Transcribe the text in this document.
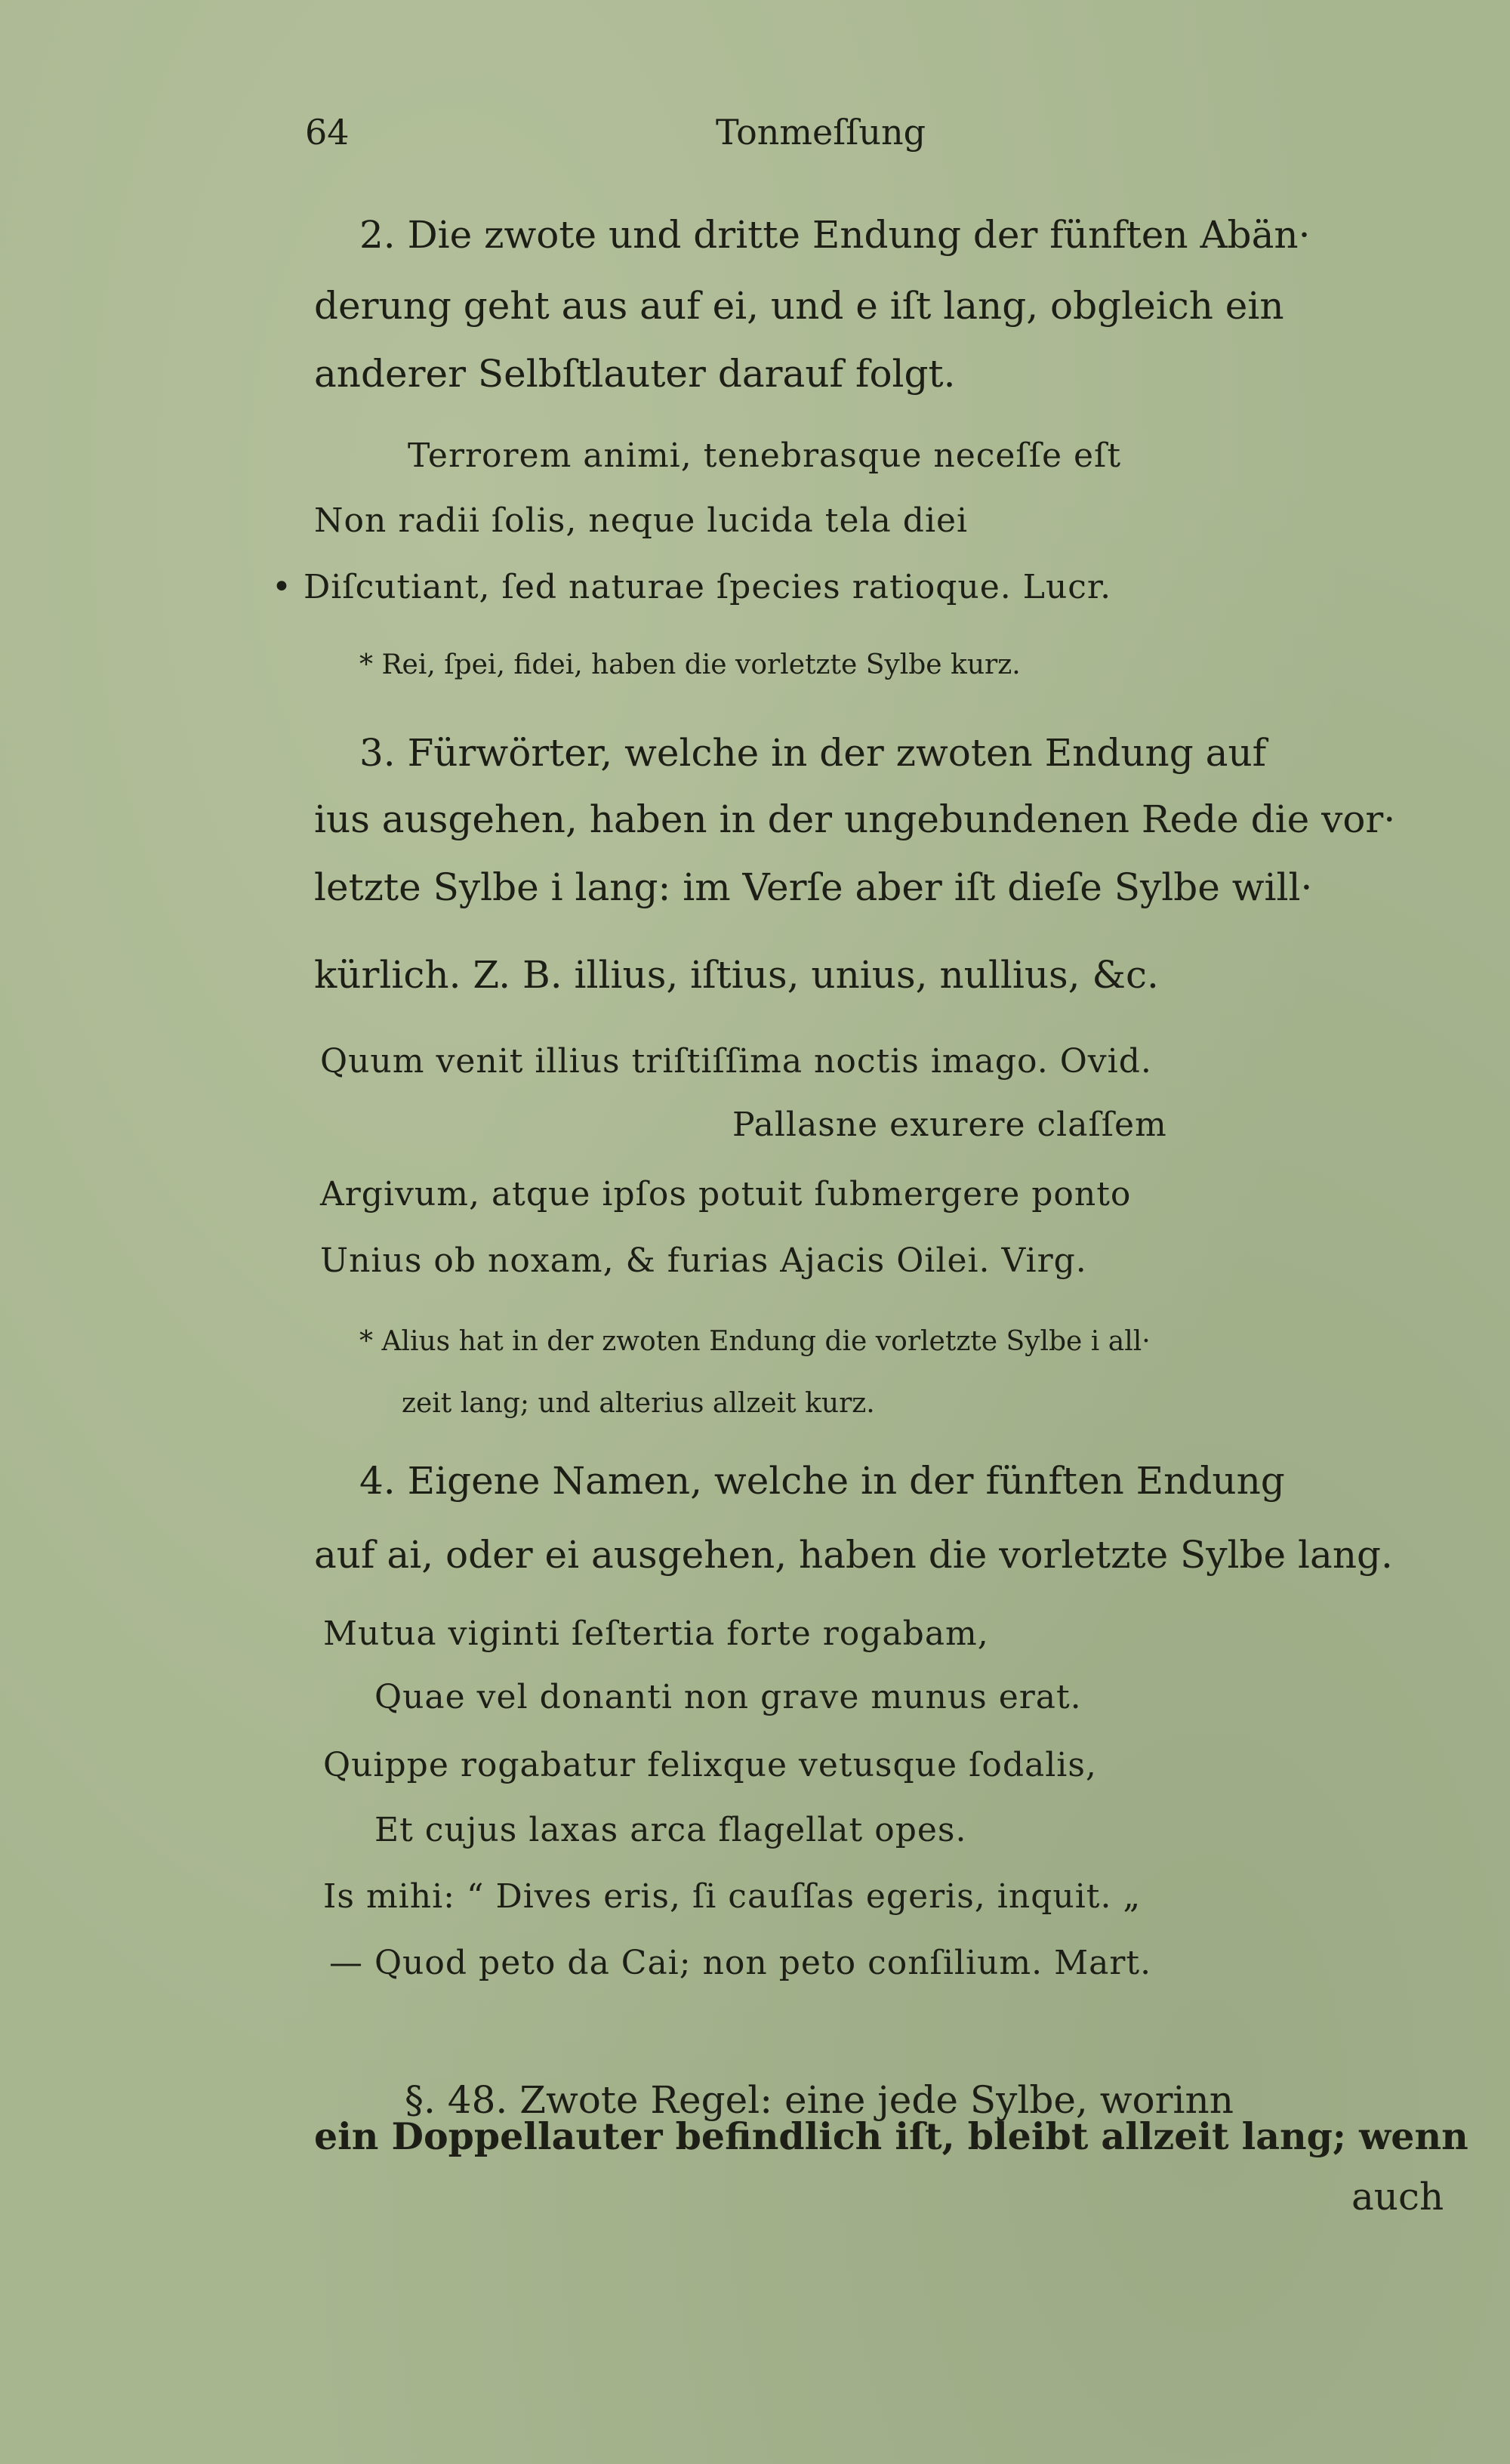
64	Tonmeſſung
2. Die zwote und dritte Endung der fünften Abän·
derung geht aus auf ei, und e iſt lang, obgleich ein
anderer Selbſtlauter darauf folgt.
Terrorem animi, tenebrasque neceſſe eſt
Non radii ſolis, neque lucida tela diei
• Diſcutiant, ſed naturae ſpecies ratioque. Lucr.
* Rei, ſpei, fidei, haben die vorletzte Sylbe kurz.
3. Fürwörter, welche in der zwoten Endung auf
ius ausgehen, haben in der ungebundenen Rede die vor·
letzte Sylbe i lang: im Verſe aber iſt dieſe Sylbe will·
kürlich. Z. B. illius, iſtius, unius, nullius, &c.
Quum venit illius triſtiſſima noctis imago. Ovid.
Pallasne exurere claſſem
Argivum, atque ipſos potuit ſubmergere ponto
Unius ob noxam, & furias Ajacis Oilei. Virg.
* Alius hat in der zwoten Endung die vorletzte Sylbe i all·
zeit lang; und alterius allzeit kurz.
4. Eigene Namen, welche in der fünften Endung
auf ai, oder ei ausgehen, haben die vorletzte Sylbe lang.
Mutua viginti ſeſtertia forte rogabam,
Quae vel donanti non grave munus erat.
Quippe rogabatur felixque vetusque ſodalis,
Et cujus laxas arca flagellat opes.
Is mihi: “ Dives eris, ſi cauſſas egeris, inquit. „
— Quod peto da Cai; non peto conſilium. Mart.
§. 48. Zwote Regel: eine jede Sylbe, worinn
ein Doppellauter befindlich iſt, bleibt allzeit lang; wenn
auch
